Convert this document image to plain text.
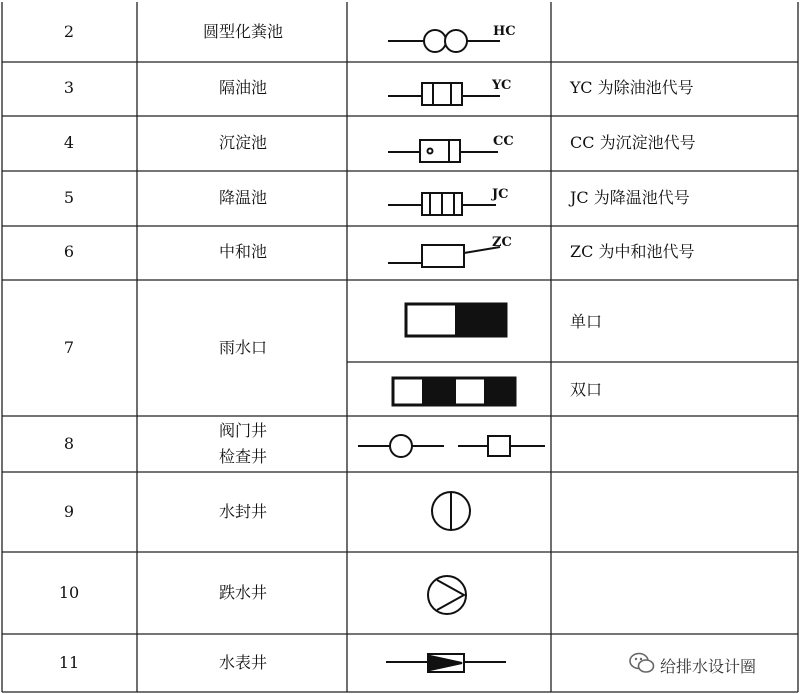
HC
YC
CC
JC
ZC
2
3
4
5
6
7
8
9
10
11
圆型化粪池
隔油池
沉淀池
降温池
中和池
雨水口
阀门井
检查井
水封井
跌水井
水表井
YC 为除油池代号
CC 为沉淀池代号
JC 为降温池代号
ZC 为中和池代号
单口
双口
给排水设计圈
